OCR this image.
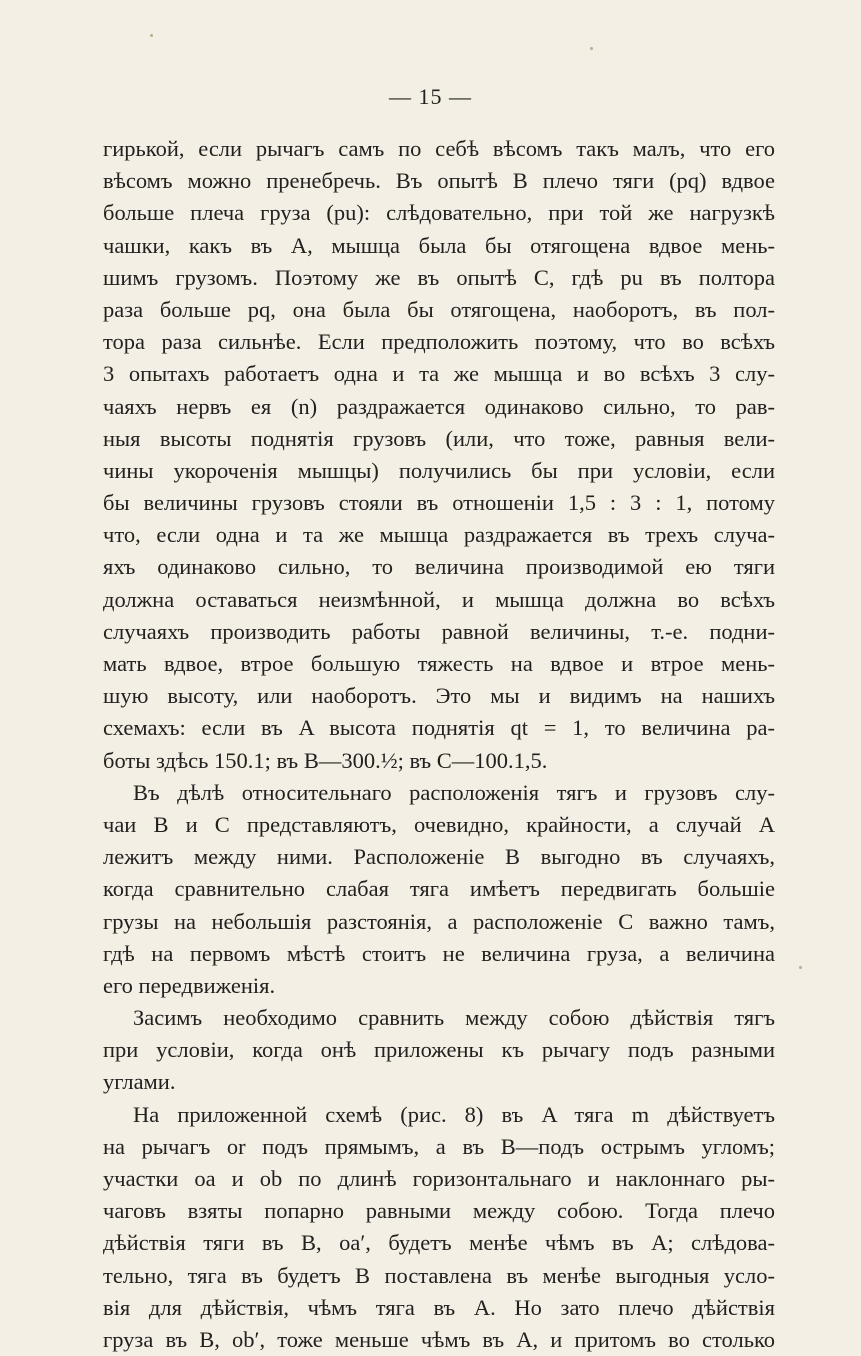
— 15 —
гирькой, если рычагъ самъ по себѣ вѣсомъ такъ малъ, что его
вѣсомъ можно пренебречь. Въ опытѣ B плечо тяги (pq) вдвое
больше плеча груза (pu): слѣдовательно, при той же нагрузкѣ
чашки, какъ въ A, мышца была бы отягощена вдвое мень-
шимъ грузомъ. Поэтому же въ опытѣ C, гдѣ pu въ полтора
раза больше pq, она была бы отягощена, наоборотъ, въ пол-
тора раза сильнѣе. Если предположить поэтому, что во всѣхъ
3 опытахъ работаетъ одна и та же мышца и во всѣхъ 3 слу-
чаяхъ нервъ ея (n) раздражается одинаково сильно, то рав-
ныя высоты поднятія грузовъ (или, что тоже, равныя вели-
чины укороченія мышцы) получились бы при условіи, если
бы величины грузовъ стояли въ отношеніи 1,5 : 3 : 1, потому
что, если одна и та же мышца раздражается въ трехъ случа-
яхъ одинаково сильно, то величина производимой ею тяги
должна оставаться неизмѣнной, и мышца должна во всѣхъ
случаяхъ производить работы равной величины, т.-е. подни-
мать вдвое, втрое большую тяжесть на вдвое и втрое мень-
шую высоту, или наоборотъ. Это мы и видимъ на нашихъ
схемахъ: если въ A высота поднятія qt = 1, то величина ра-
боты здѣсь 150.1; въ B—300.½; въ C—100.1,5.
Въ дѣлѣ относительнаго расположенія тягъ и грузовъ слу-
чаи B и C представляютъ, очевидно, крайности, а случай A
лежитъ между ними. Расположеніе B выгодно въ случаяхъ,
когда сравнительно слабая тяга имѣетъ передвигать большіе
грузы на небольшія разстоянія, а расположеніе C важно тамъ,
гдѣ на первомъ мѣстѣ стоитъ не величина груза, а величина
его передвиженія.
Засимъ необходимо сравнить между собою дѣйствія тягъ
при условіи, когда онѣ приложены къ рычагу подъ разными
углами.
На приложенной схемѣ (рис. 8) въ A тяга m дѣйствуетъ
на рычагъ or подъ прямымъ, а въ B—подъ острымъ угломъ;
участки oa и ob по длинѣ горизонтальнаго и наклоннаго ры-
чаговъ взяты попарно равными между собою. Тогда плечо
дѣйствія тяги въ B, oa′, будетъ менѣе чѣмъ въ A; слѣдова-
тельно, тяга въ будетъ B поставлена въ менѣе выгодныя усло-
вія для дѣйствія, чѣмъ тяга въ A. Но зато плечо дѣйствія
груза въ B, ob′, тоже меньше чѣмъ въ A, и притомъ во столько
